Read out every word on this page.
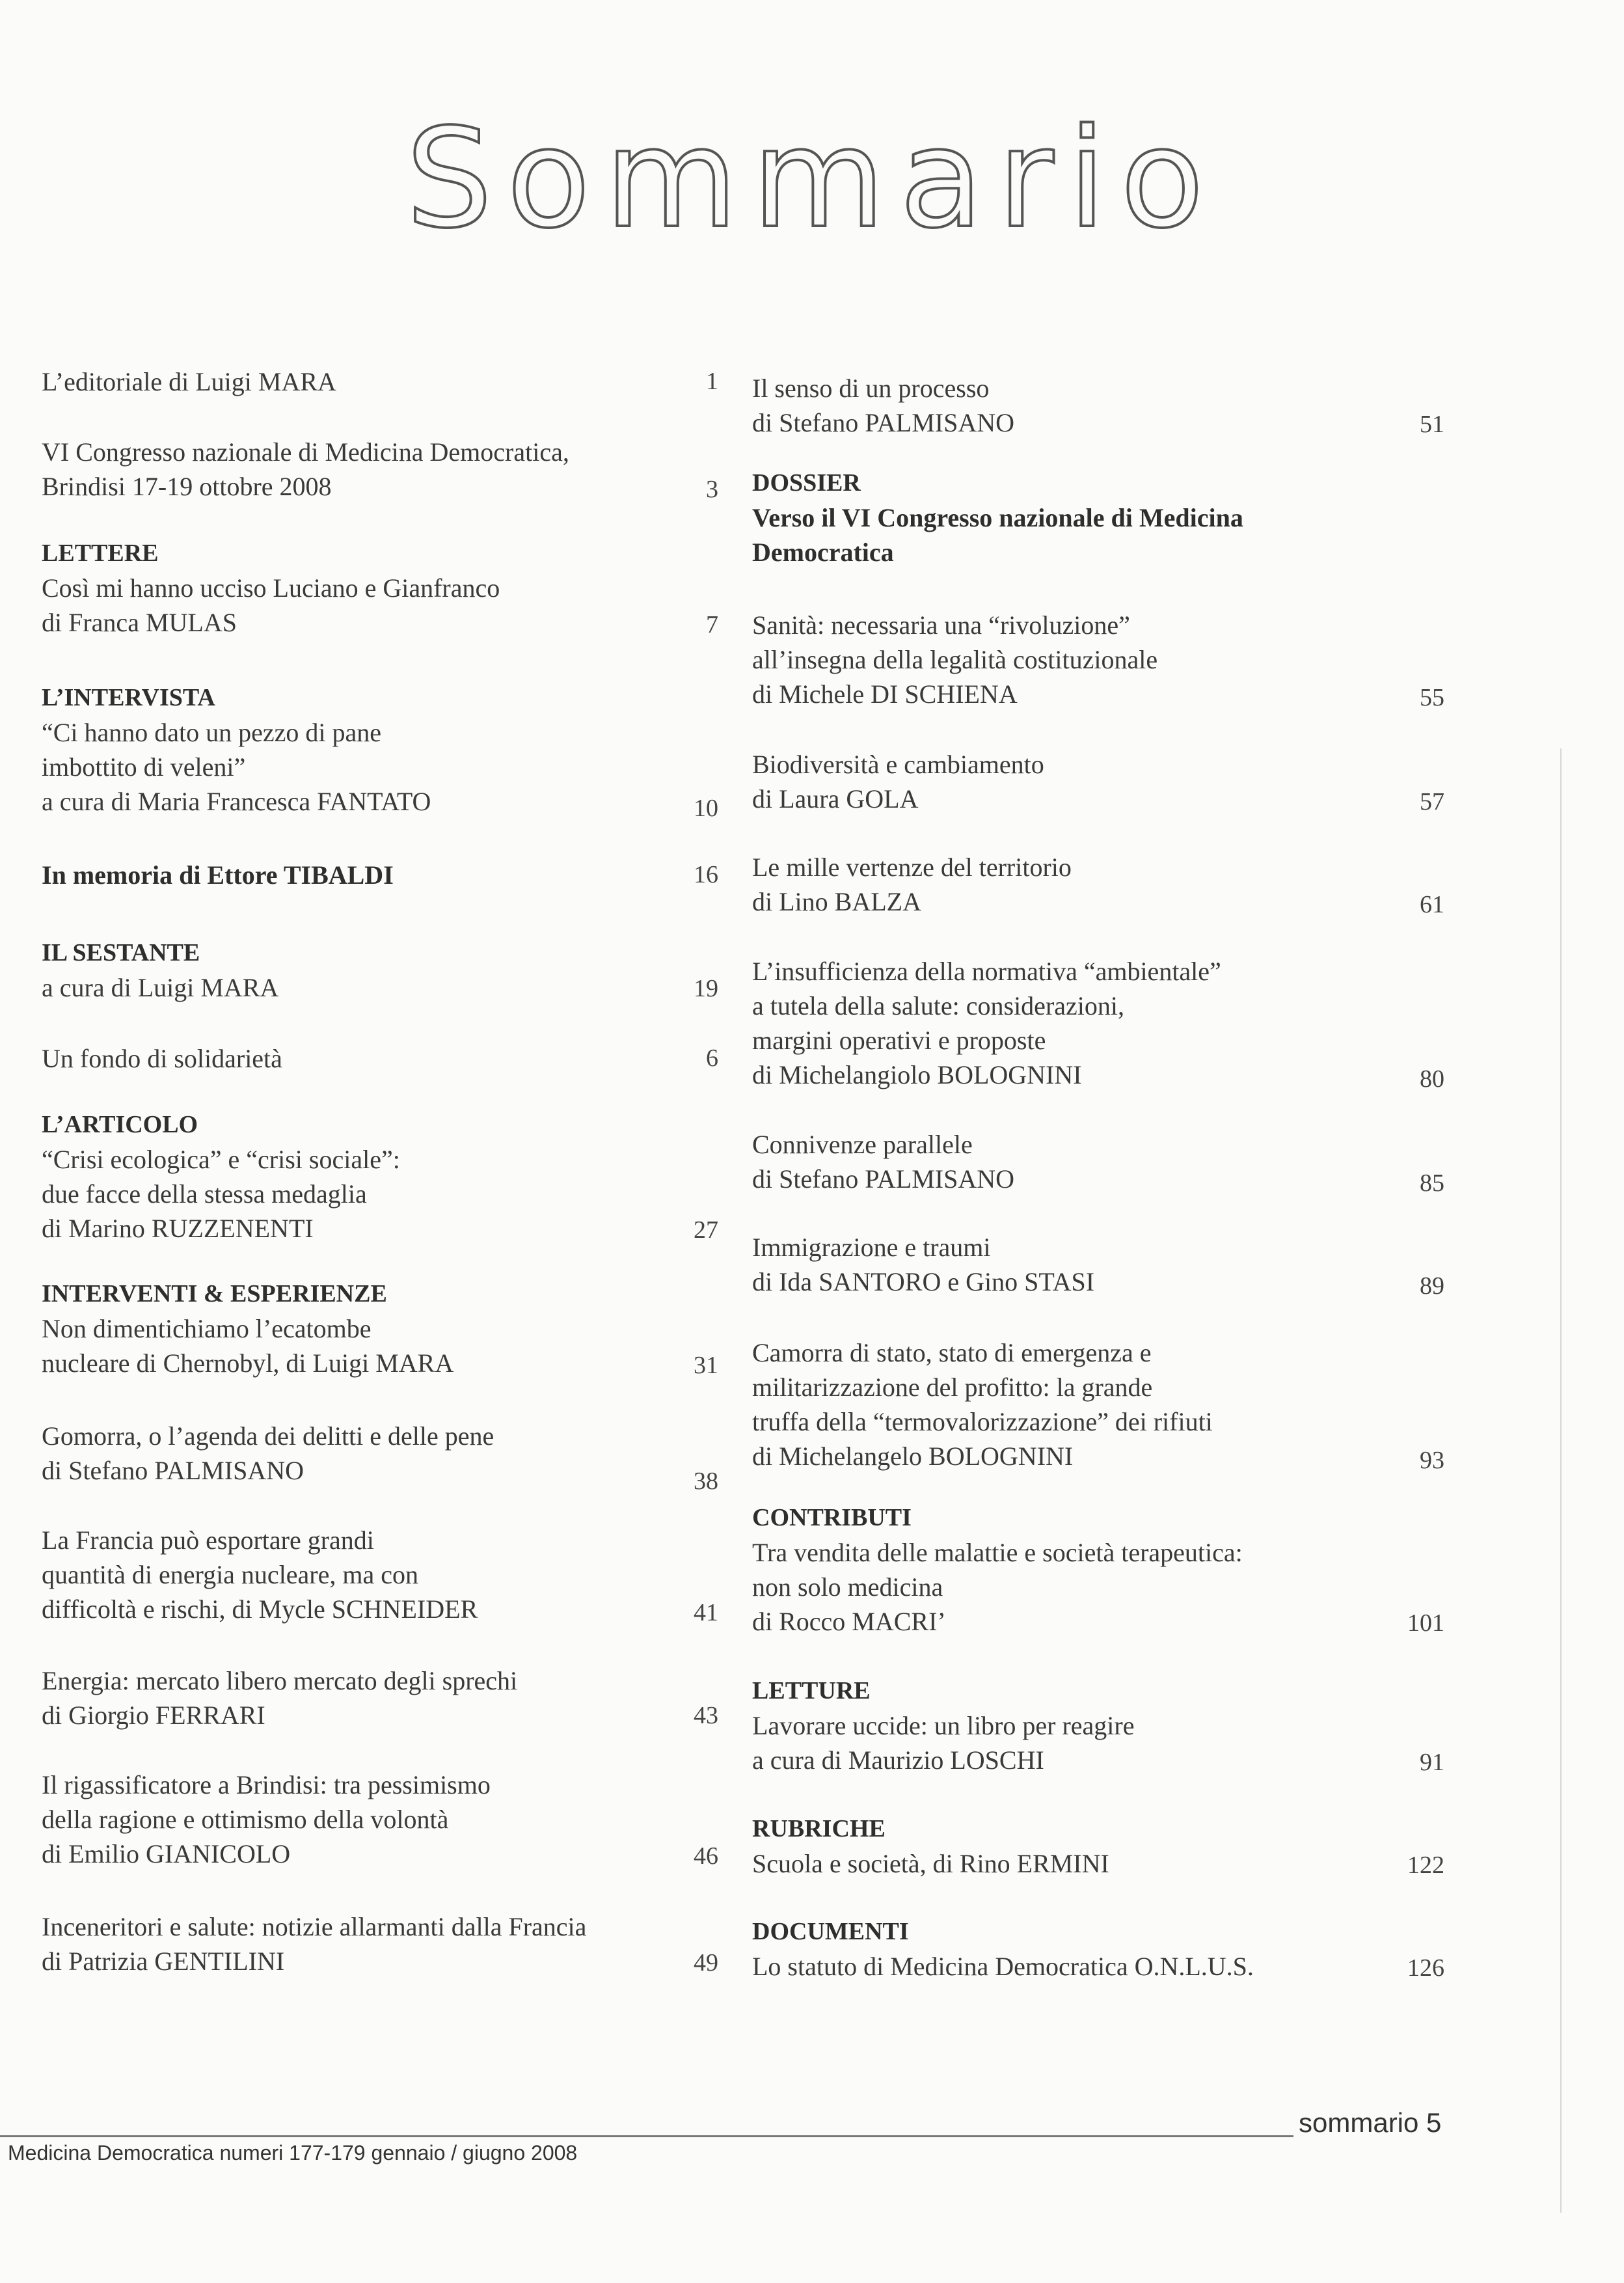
Sommario
L’editoriale di Luigi MARA	1
VI Congresso nazionale di Medicina Democratica,
Brindisi 17-19 ottobre 2008	3
LETTERE
Così mi hanno ucciso Luciano e Gianfranco
di Franca MULAS	7
L’INTERVISTA
“Ci hanno dato un pezzo di pane
imbottito di veleni”
a cura di Maria Francesca FANTATO	10
In memoria di Ettore TIBALDI	16
IL SESTANTE
a cura di Luigi MARA	19
Un fondo di solidarietà	6
L’ARTICOLO
“Crisi ecologica” e “crisi sociale”:
due facce della stessa medaglia
di Marino RUZZENENTI	27
INTERVENTI & ESPERIENZE
Non dimentichiamo l’ecatombe
nucleare di Chernobyl, di Luigi MARA	31
Gomorra, o l’agenda dei delitti e delle pene
di Stefano PALMISANO	38
La Francia può esportare grandi
quantità di energia nucleare, ma con
difficoltà e rischi, di Mycle SCHNEIDER	41
Energia: mercato libero mercato degli sprechi
di Giorgio FERRARI	43
Il rigassificatore a Brindisi: tra pessimismo
della ragione e ottimismo della volontà
di Emilio GIANICOLO	46
Inceneritori e salute: notizie allarmanti dalla Francia
di Patrizia GENTILINI	49
Il senso di un processo
di Stefano PALMISANO	51
DOSSIER
Verso il VI Congresso nazionale di Medicina
Democratica
Sanità: necessaria una “rivoluzione”
all’insegna della legalità costituzionale
di Michele DI SCHIENA	55
Biodiversità e cambiamento
di Laura GOLA	57
Le mille vertenze del territorio
di Lino BALZA	61
L’insufficienza della normativa “ambientale”
a tutela della salute: considerazioni,
margini operativi e proposte
di Michelangiolo BOLOGNINI	80
Connivenze parallele
di Stefano PALMISANO	85
Immigrazione e traumi
di Ida SANTORO e Gino STASI	89
Camorra di stato, stato di emergenza e
militarizzazione del profitto: la grande
truffa della “termovalorizzazione” dei rifiuti
di Michelangelo BOLOGNINI	93
CONTRIBUTI
Tra vendita delle malattie e società terapeutica:
non solo medicina
di Rocco MACRI’	101
LETTURE
Lavorare uccide: un libro per reagire
a cura di Maurizio LOSCHI	91
RUBRICHE
Scuola e società, di Rino ERMINI	122
DOCUMENTI
Lo statuto di Medicina Democratica O.N.L.U.S.	126
sommario 5
Medicina Democratica numeri 177-179 gennaio / giugno 2008
